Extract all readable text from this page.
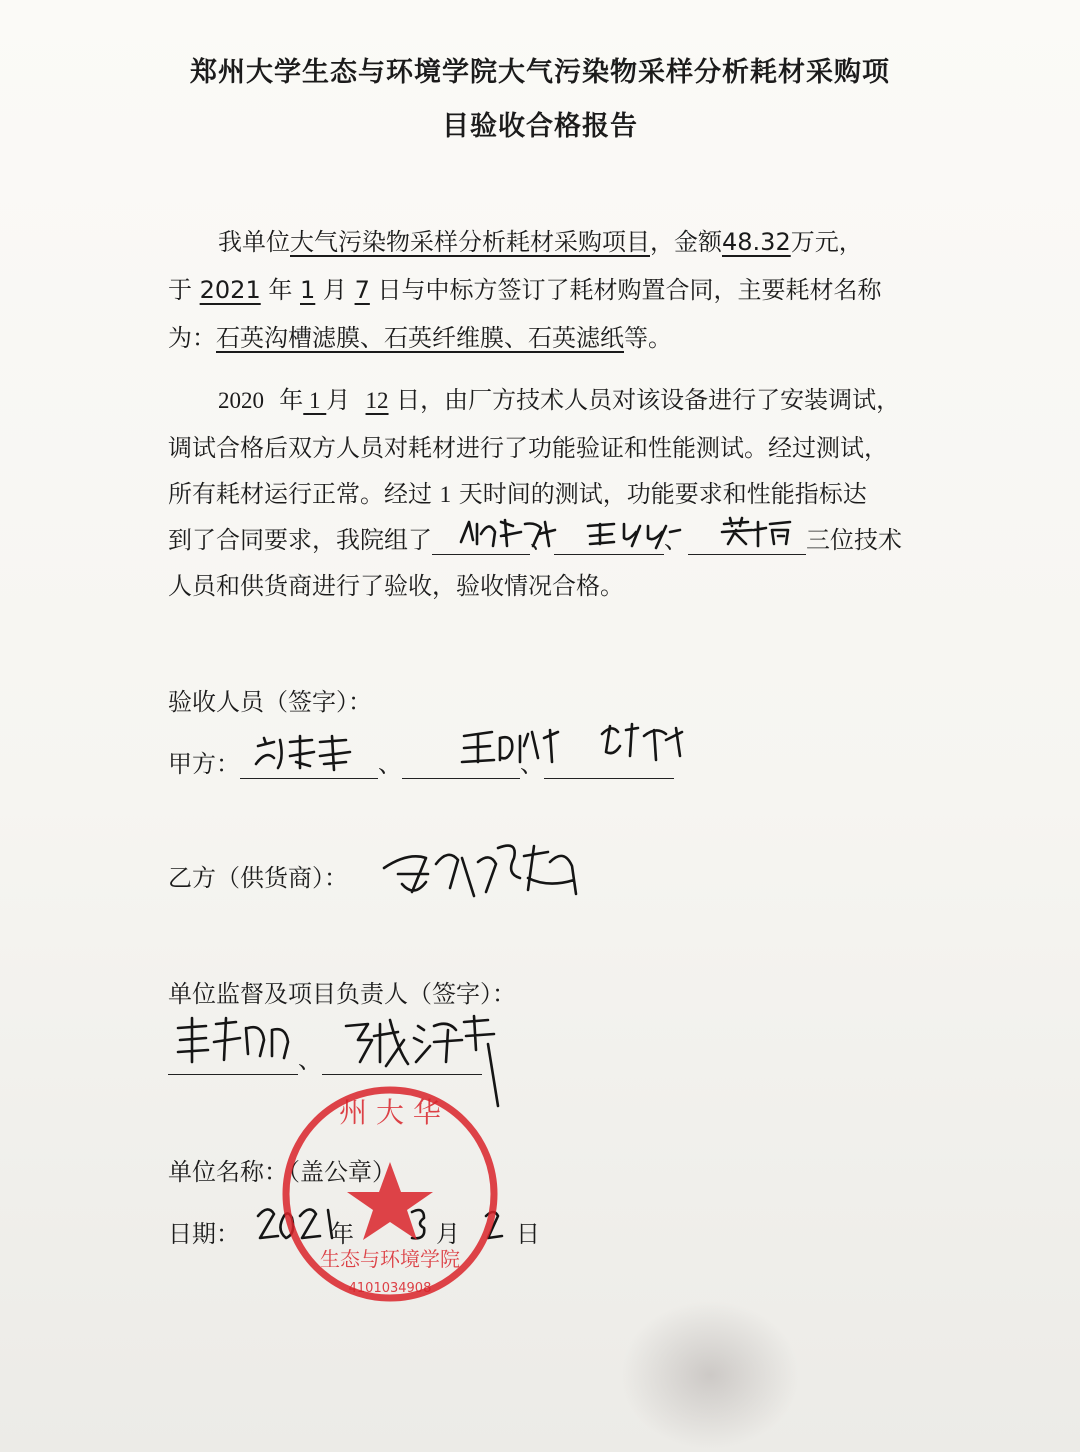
郑州大学生态与环境学院大气污染物采样分析耗材采购项
目验收合格报告
我单位大气污染物采样分析耗材采购项目，金额48.32万元，
于 2021 年 1 月 7 日与中标方签订了耗材购置合同，主要耗材名称
为：石英沟槽滤膜、石英纤维膜、石英滤纸等。
2020 年 1 月 12 日，由厂方技术人员对该设备进行了安装调试，
调试合格后双方人员对耗材进行了功能验证和性能测试。经过测试，
所有耗材运行正常。经过 1 天时间的测试，功能要求和性能指标达
到了合同要求，我院组了	、	、	三位技术
人员和供货商进行了验收，验收情况合格。
验收人员（签字）：
甲方：	、	、
乙方（供货商）：
单位监督及项目负责人（签字）：
、
单位名称：（盖公章）
日期：	年	月 日
州 大 华
生态与环境学院
4101034908
